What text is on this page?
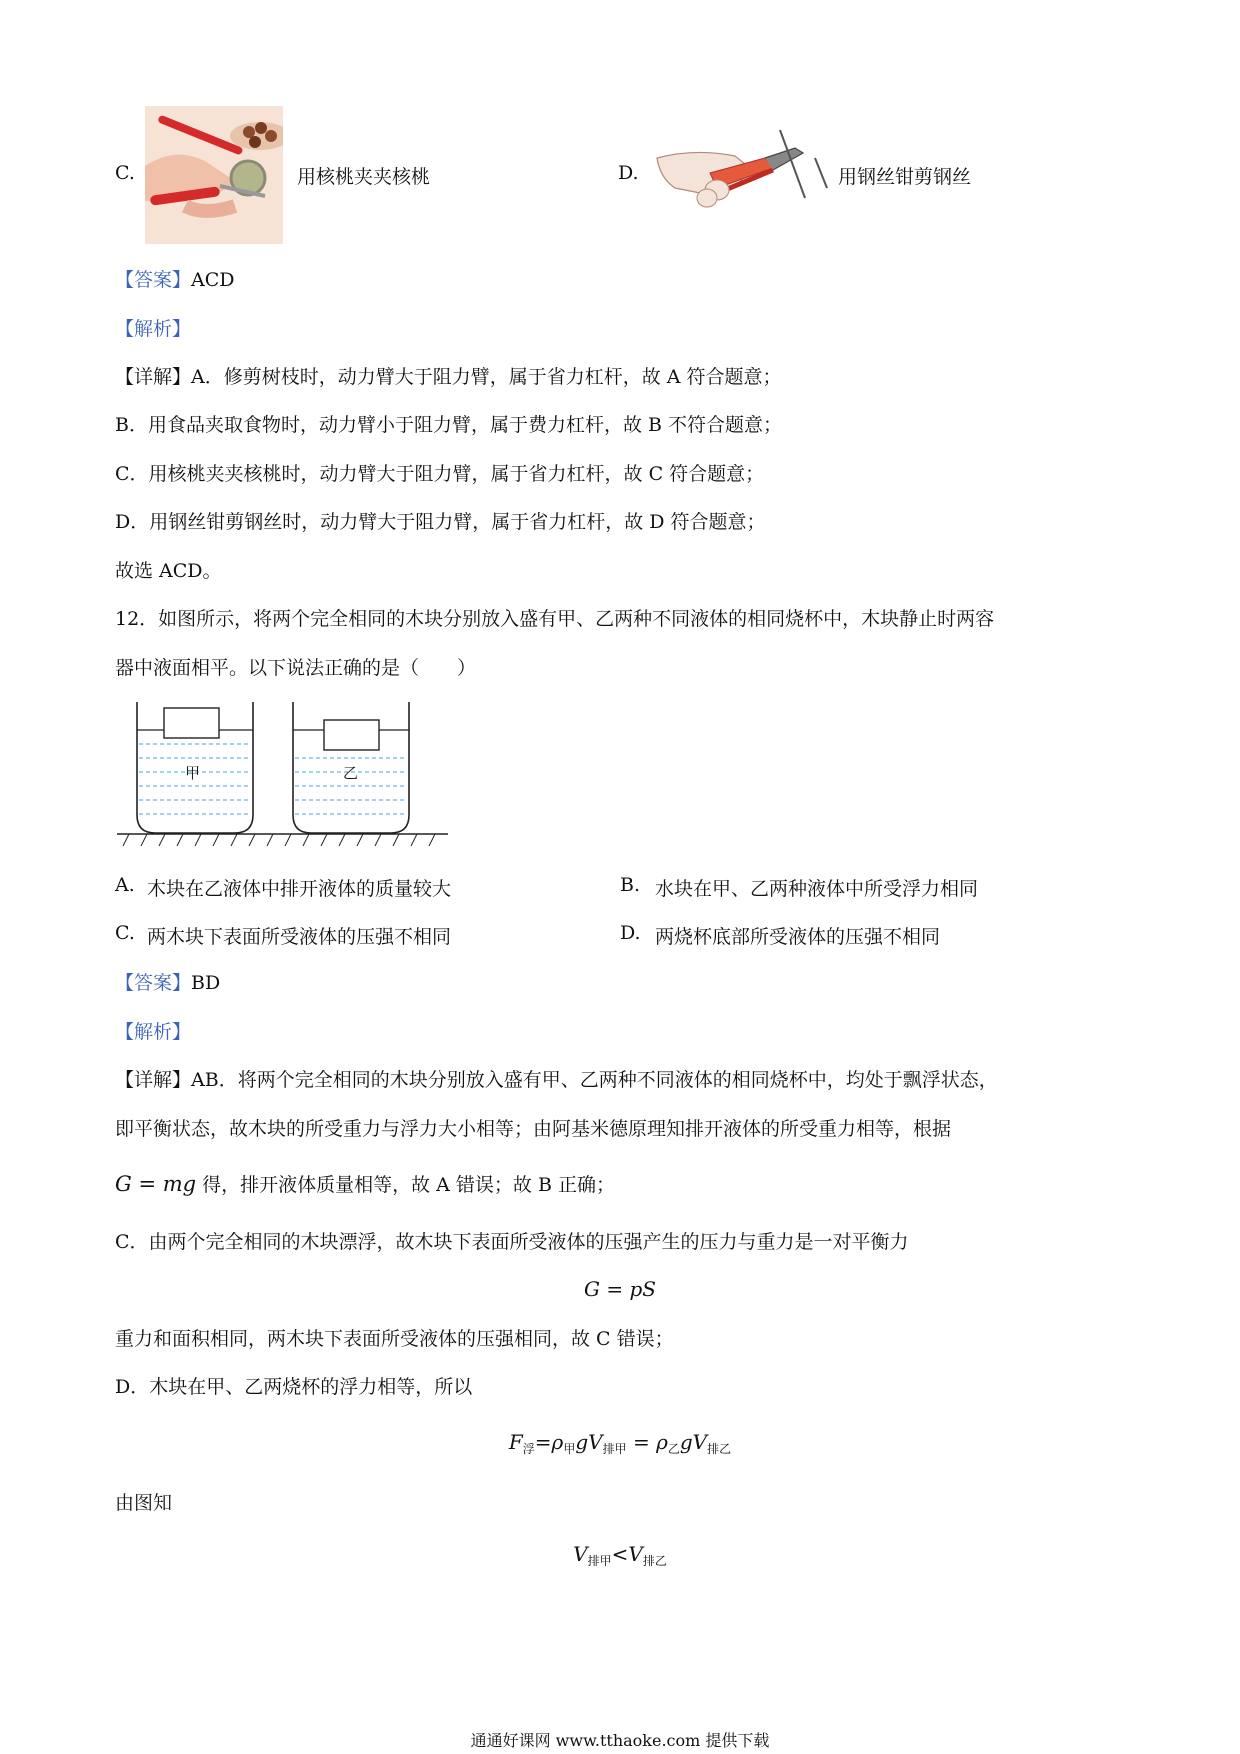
C.	用核桃夹夹核桃	D.	用钢丝钳剪钢丝
【答案】ACD
【解析】
【详解】A．修剪树枝时，动力臂大于阻力臂，属于省力杠杆，故 A 符合题意；
B．用食品夹取食物时，动力臂小于阻力臂，属于费力杠杆，故 B 不符合题意；
C．用核桃夹夹核桃时，动力臂大于阻力臂，属于省力杠杆，故 C 符合题意；
D．用钢丝钳剪钢丝时，动力臂大于阻力臂，属于省力杠杆，故 D 符合题意；
故选 ACD。
12．如图所示，将两个完全相同的木块分别放入盛有甲、乙两种不同液体的相同烧杯中，木块静止时两容
器中液面相平。以下说法正确的是（　　）
甲	乙
A. 木块在乙液体中排开液体的质量较大	B. 水块在甲、乙两种液体中所受浮力相同
C. 两木块下表面所受液体的压强不相同	D. 两烧杯底部所受液体的压强不相同
【答案】BD
【解析】
【详解】AB．将两个完全相同的木块分别放入盛有甲、乙两种不同液体的相同烧杯中，均处于飘浮状态，
即平衡状态，故木块的所受重力与浮力大小相等；由阿基米德原理知排开液体的所受重力相等，根据
G = mg 得，排开液体质量相等，故 A 错误；故 B 正确；
C．由两个完全相同的木块漂浮，故木块下表面所受液体的压强产生的压力与重力是一对平衡力
G = pS
重力和面积相同，两木块下表面所受液体的压强相同，故 C 错误；
D．木块在甲、乙两烧杯的浮力相等，所以
$F_浮=\rho_甲gV_{排甲} = \rho_乙gV_{排乙}$
由图知
$V_{排甲}<V_{排乙}$
通通好课网 www.tthaoke.com 提供下载
